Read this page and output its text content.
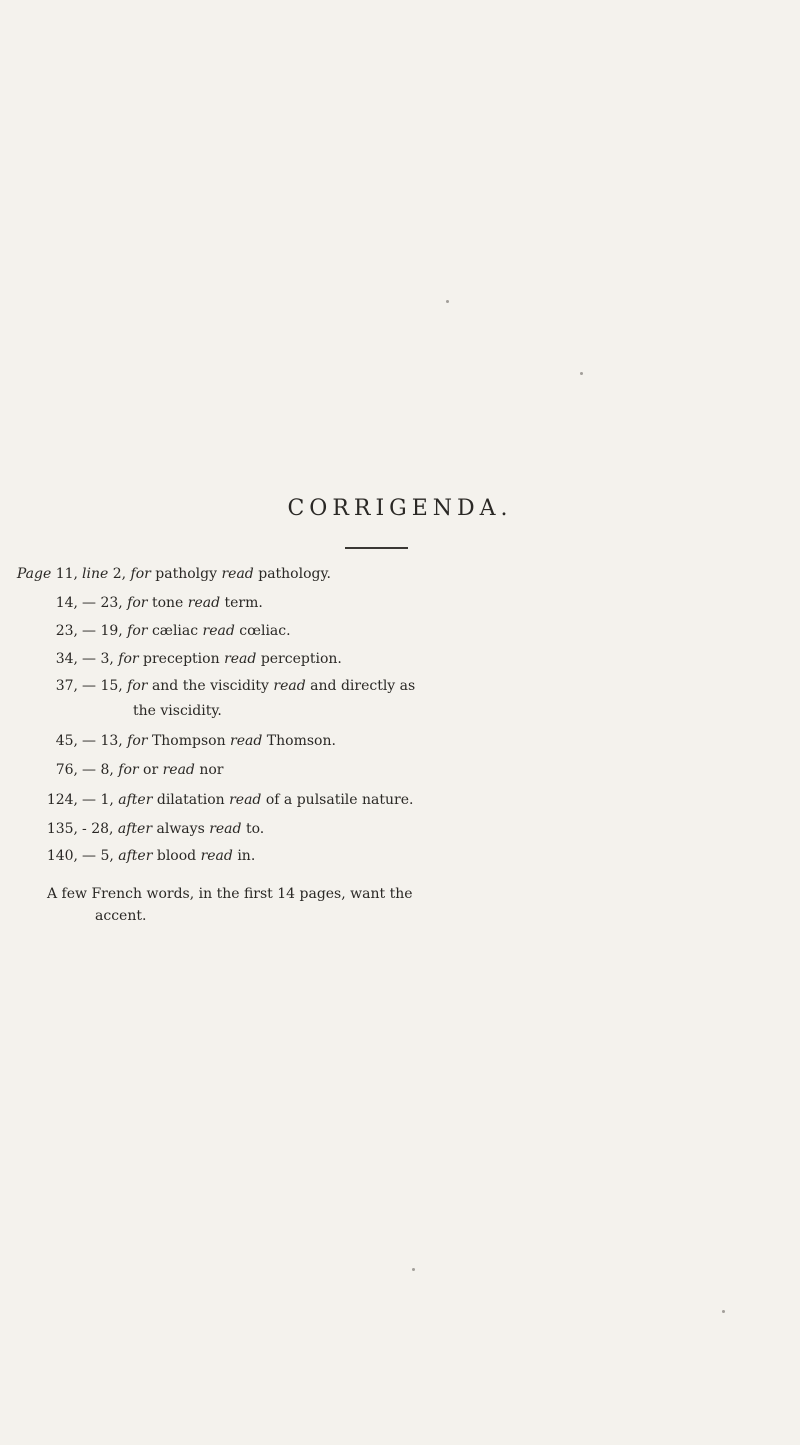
CORRIGENDA.
Page 11, line 2, for patholgy read pathology.
14, — 23, for tone read term.
23, — 19, for cæliac read cœliac.
34, — 3, for preception read perception.
37, — 15, for and the viscidity read and directly as
the viscidity.
45, — 13, for Thompson read Thomson.
76, — 8, for or read nor
124, — 1, after dilatation read of a pulsatile nature.
135, - 28, after always read to.
140, — 5, after blood read in.
A few French words, in the first 14 pages, want the
accent.
